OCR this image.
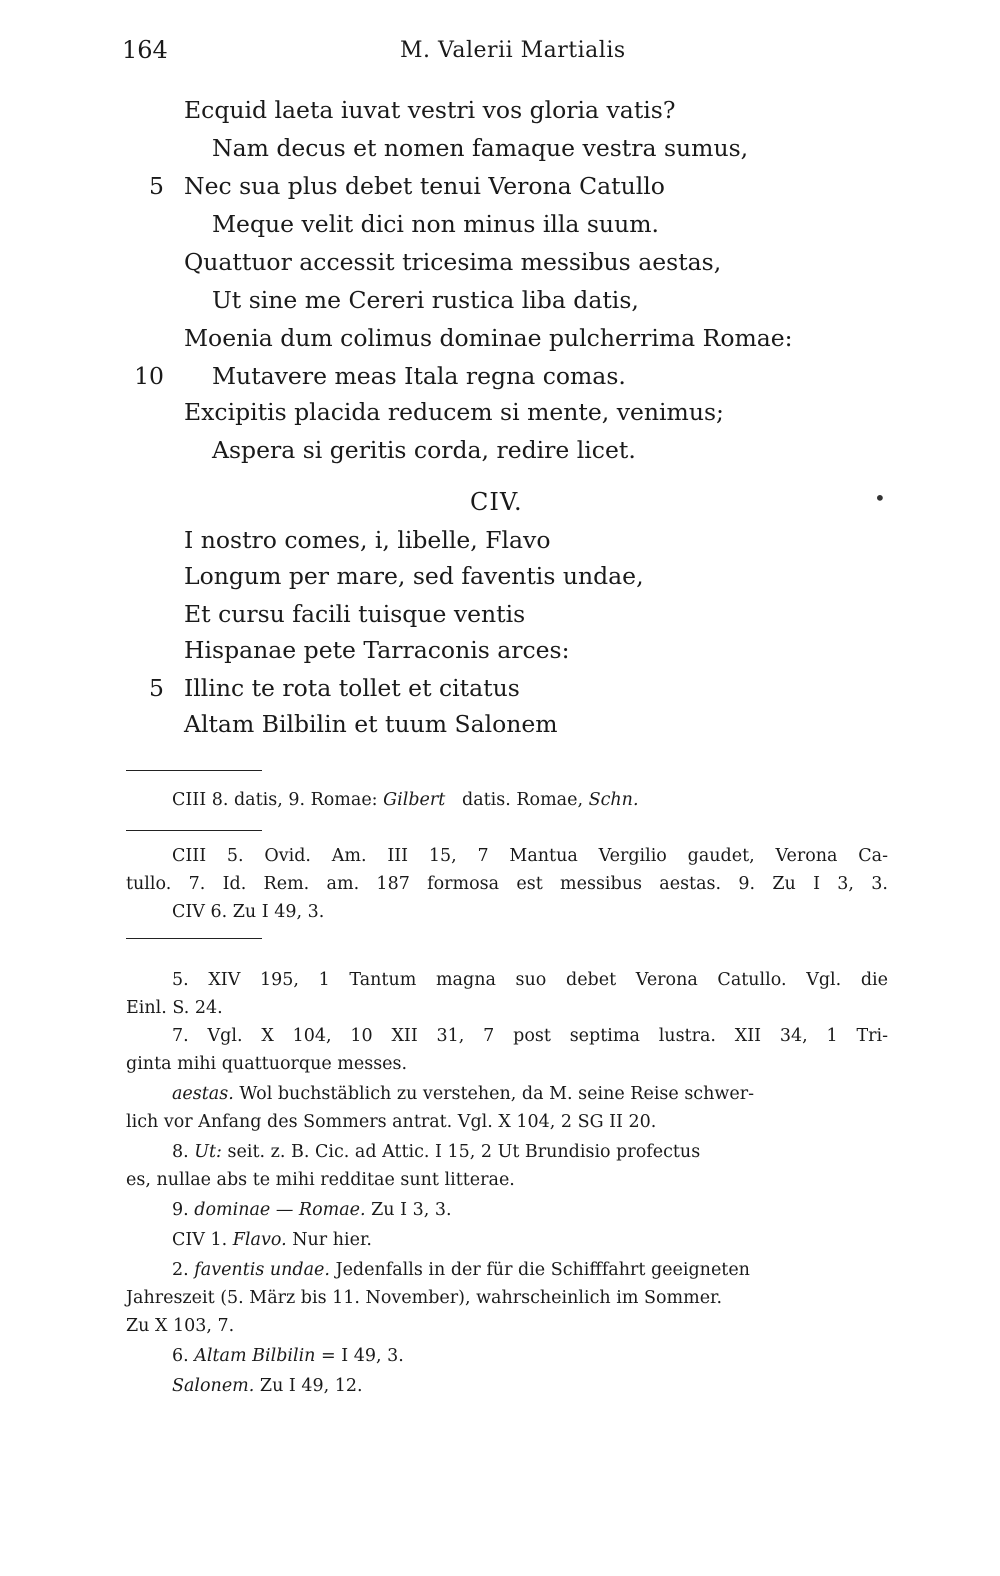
164	M. Valerii Martialis
Ecquid laeta iuvat vestri vos gloria vatis?
Nam decus et nomen famaque vestra sumus,
5 Nec sua plus debet tenui Verona Catullo
Meque velit dici non minus illa suum.
Quattuor accessit tricesima messibus aestas,
Ut sine me Cereri rustica liba datis,
Moenia dum colimus dominae pulcherrima Romae:
10 Mutavere meas Itala regna comas.
Excipitis placida reducem si mente, venimus;
Aspera si geritis corda, redire licet.
CIV.	•
I nostro comes, i, libelle, Flavo
Longum per mare, sed faventis undae,
Et cursu facili tuisque ventis
Hispanae pete Tarraconis arces:
5 Illinc te rota tollet et citatus
Altam Bilbilin et tuum Salonem
CIII 8. datis, 9. Romae: Gilbert datis. Romae, Schn.
CIII 5. Ovid. Am. III 15, 7 Mantua Vergilio gaudet, Verona Ca-
tullo. 7. Id. Rem. am. 187 formosa est messibus aestas. 9. Zu I 3, 3.
CIV 6. Zu I 49, 3.
5. XIV 195, 1 Tantum magna suo debet Verona Catullo. Vgl. die
Einl. S. 24.
7. Vgl. X 104, 10 XII 31, 7 post septima lustra. XII 34, 1 Tri-
ginta mihi quattuorque messes.
aestas. Wol buchstäblich zu verstehen, da M. seine Reise schwer-
lich vor Anfang des Sommers antrat. Vgl. X 104, 2 SG II 20.
8. Ut: seit. z. B. Cic. ad Attic. I 15, 2 Ut Brundisio profectus
es, nullae abs te mihi redditae sunt litterae.
9. dominae — Romae. Zu I 3, 3.
CIV 1. Flavo. Nur hier.
2. faventis undae. Jedenfalls in der für die Schifffahrt geeigneten
Jahreszeit (5. März bis 11. November), wahrscheinlich im Sommer.
Zu X 103, 7.
6. Altam Bilbilin = I 49, 3.
Salonem. Zu I 49, 12.
